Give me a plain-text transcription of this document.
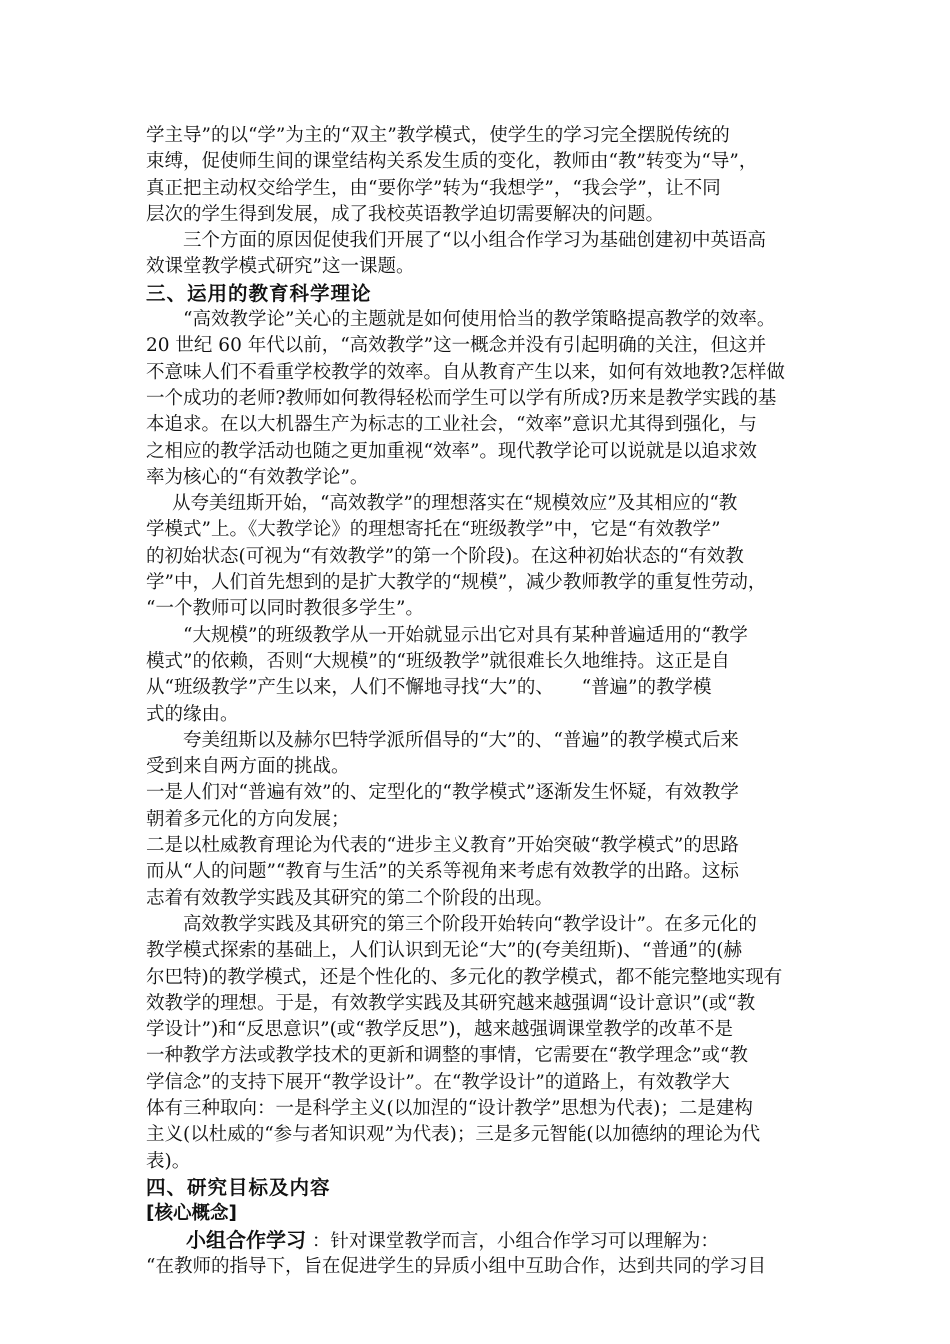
学主导”的以“学”为主的“双主”教学模式，使学生的学习完全摆脱传统的
束缚，促使师生间的课堂结构关系发生质的变化，教师由“教”转变为“导”，
真正把主动权交给学生，由“要你学”转为“我想学”，“我会学”，让不同
层次的学生得到发展，成了我校英语教学迫切需要解决的问题。
三个方面的原因促使我们开展了“以小组合作学习为基础创建初中英语高
效课堂教学模式研究”这一课题。
三、运用的教育科学理论
“高效教学论”关心的主题就是如何使用恰当的教学策略提高教学的效率。
20 世纪 60 年代以前，“高效教学”这一概念并没有引起明确的关注，但这并
不意味人们不看重学校教学的效率。自从教育产生以来，如何有效地教?怎样做
一个成功的老师?教师如何教得轻松而学生可以学有所成?历来是教学实践的基
本追求。在以大机器生产为标志的工业社会，“效率”意识尤其得到强化，与
之相应的教学活动也随之更加重视“效率”。现代教学论可以说就是以追求效
率为核心的“有效教学论”。
从夸美纽斯开始，“高效教学”的理想落实在“规模效应”及其相应的“教
学模式”上。《大教学论》的理想寄托在“班级教学”中，它是“有效教学”
的初始状态(可视为“有效教学”的第一个阶段)。在这种初始状态的“有效教
学”中，人们首先想到的是扩大教学的“规模”，减少教师教学的重复性劳动，
“一个教师可以同时教很多学生”。
“大规模”的班级教学从一开始就显示出它对具有某种普遍适用的“教学
模式”的依赖，否则“大规模”的“班级教学”就很难长久地维持。这正是自
从“班级教学”产生以来，人们不懈地寻找“大”的、　　“普遍”的教学模
式的缘由。
夸美纽斯以及赫尔巴特学派所倡导的“大”的、“普遍”的教学模式后来
受到来自两方面的挑战。
一是人们对“普遍有效”的、定型化的“教学模式”逐渐发生怀疑，有效教学
朝着多元化的方向发展；
二是以杜威教育理论为代表的“进步主义教育”开始突破“教学模式”的思路
而从“人的问题”“教育与生活”的关系等视角来考虑有效教学的出路。这标
志着有效教学实践及其研究的第二个阶段的出现。
高效教学实践及其研究的第三个阶段开始转向“教学设计”。在多元化的
教学模式探索的基础上，人们认识到无论“大”的(夸美纽斯)、“普通”的(赫
尔巴特)的教学模式，还是个性化的、多元化的教学模式，都不能完整地实现有
效教学的理想。于是，有效教学实践及其研究越来越强调“设计意识”(或“教
学设计”)和“反思意识”(或“教学反思”)，越来越强调课堂教学的改革不是
一种教学方法或教学技术的更新和调整的事情，它需要在“教学理念”或“教
学信念”的支持下展开“教学设计”。在“教学设计”的道路上，有效教学大
体有三种取向：一是科学主义(以加涅的“设计教学”思想为代表)；二是建构
主义(以杜威的“参与者知识观”为代表)；三是多元智能(以加德纳的理论为代
表)。
四、研究目标及内容
[核心概念]
小组合作学习 ：针对课堂教学而言，小组合作学习可以理解为：
“在教师的指导下，旨在促进学生的异质小组中互助合作，达到共同的学习目
